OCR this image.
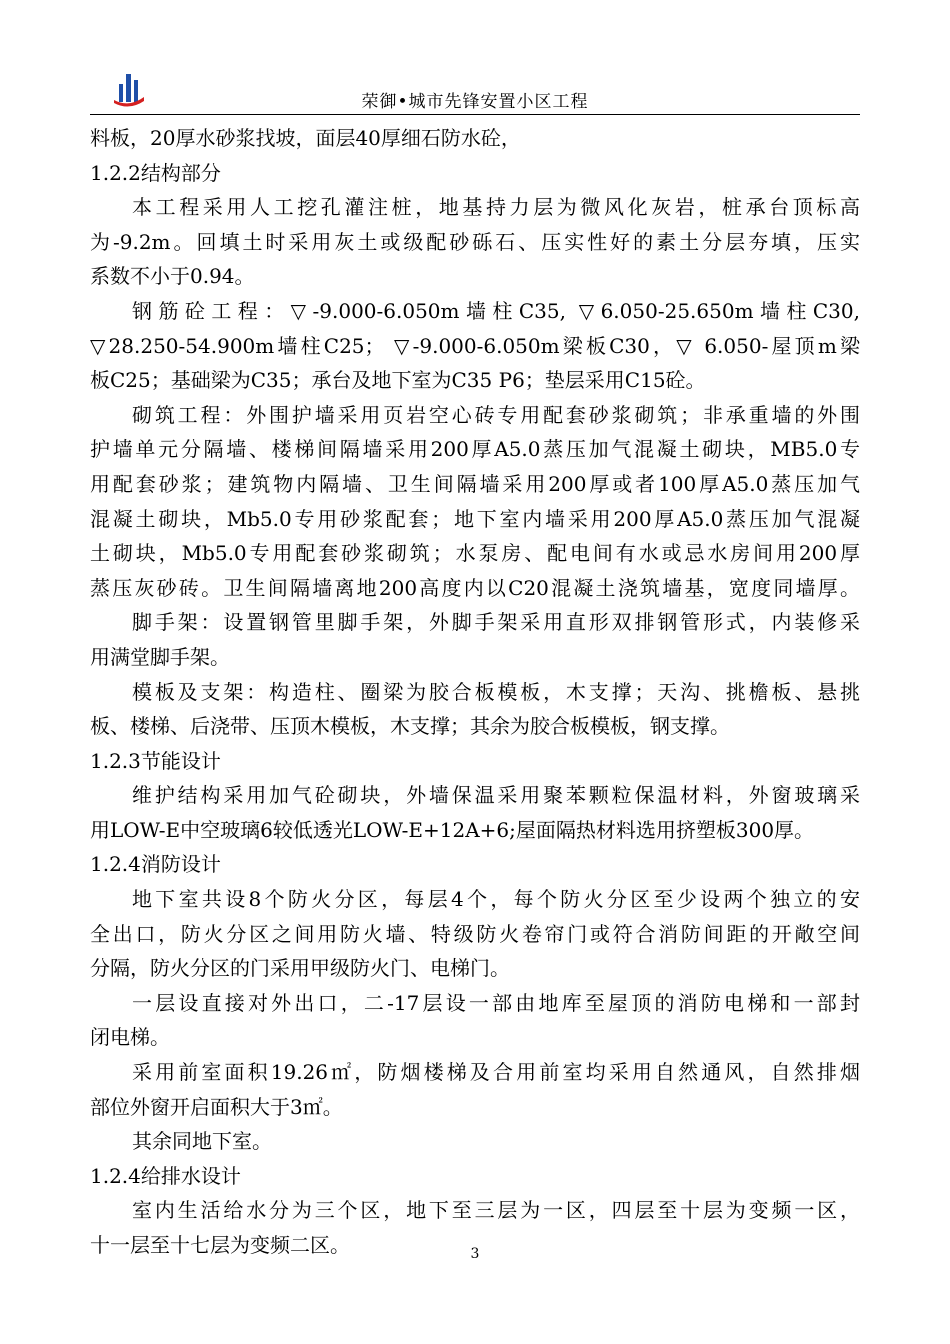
荣御•城市先锋安置小区工程
料板，20厚水砂浆找坡，面层40厚细石防水砼，
1.2.2结构部分
本工程采用人工挖孔灌注桩，地基持力层为微风化灰岩，桩承台顶标高
为-9.2m。回填土时采用灰土或级配砂砾石、压实性好的素土分层夯填，压实
系数不小于0.94。
钢筋砼工程：▽-9.000-6.050m墙柱C35, ▽6.050-25.650m墙柱C30,
▽28.250-54.900m墙柱C25； ▽-9.000-6.050m梁板C30，▽ 6.050-屋顶m梁
板C25；基础梁为C35；承台及地下室为C35 P6；垫层采用C15砼。
砌筑工程：外围护墙采用页岩空心砖专用配套砂浆砌筑；非承重墙的外围
护墙单元分隔墙、楼梯间隔墙采用200厚A5.0蒸压加气混凝土砌块，MB5.0专
用配套砂浆；建筑物内隔墙、卫生间隔墙采用200厚或者100厚A5.0蒸压加气
混凝土砌块，Mb5.0专用砂浆配套；地下室内墙采用200厚A5.0蒸压加气混凝
土砌块，Mb5.0专用配套砂浆砌筑；水泵房、配电间有水或忌水房间用200厚
蒸压灰砂砖。卫生间隔墙离地200高度内以C20混凝土浇筑墙基，宽度同墙厚。
脚手架：设置钢管里脚手架，外脚手架采用直形双排钢管形式，内装修采
用满堂脚手架。
模板及支架：构造柱、圈梁为胶合板模板，木支撑；天沟、挑檐板、悬挑
板、楼梯、后浇带、压顶木模板，木支撑；其余为胶合板模板，钢支撑。
1.2.3节能设计
维护结构采用加气砼砌块，外墙保温采用聚苯颗粒保温材料，外窗玻璃采
用LOW-E中空玻璃6较低透光LOW-E+12A+6;屋面隔热材料选用挤塑板300厚。
1.2.4消防设计
地下室共设8个防火分区，每层4个，每个防火分区至少设两个独立的安
全出口，防火分区之间用防火墙、特级防火卷帘门或符合消防间距的开敞空间
分隔，防火分区的门采用甲级防火门、电梯门。
一层设直接对外出口，二-17层设一部由地库至屋顶的消防电梯和一部封
闭电梯。
采用前室面积19.26㎡，防烟楼梯及合用前室均采用自然通风，自然排烟
部位外窗开启面积大于3㎡。
其余同地下室。
1.2.4给排水设计
室内生活给水分为三个区，地下至三层为一区，四层至十层为变频一区，
十一层至十七层为变频二区。	3
